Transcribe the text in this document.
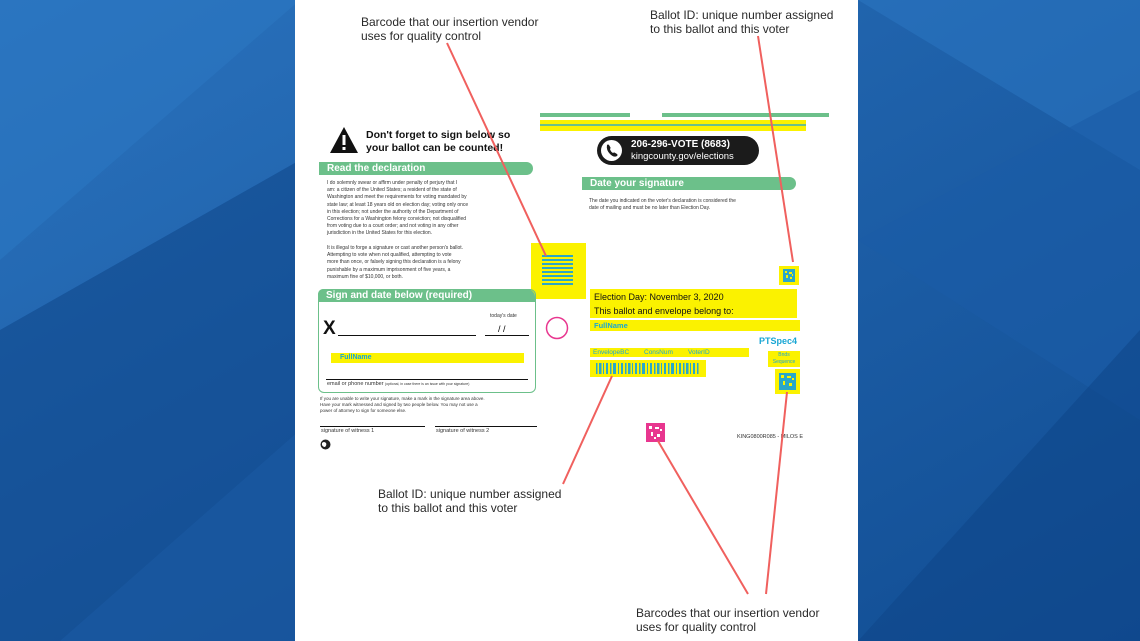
Barcode that our insertion vendor
uses for quality control
Ballot ID: unique number assigned
to this ballot and this voter
Ballot ID: unique number assigned
to this ballot and this voter
Barcodes that our insertion vendor
uses for quality control
Don't forget to sign below so
your ballot can be counted!
Read the declaration
I do solemnly swear or affirm under penalty of perjury that I
am: a citizen of the United States; a resident of the state of
Washington and meet the requirements for voting mandated by
state law; at least 18 years old on election day; voting only once
in this election; not under the authority of the Department of
Corrections for a Washington felony conviction; not disqualified
from voting due to a court order; and not voting in any other
jurisdiction in the United States for this election.
It is illegal to forge a signature or cast another person's ballot.
Attempting to vote when not qualified, attempting to vote
more than once, or falsely signing this declaration is a felony
punishable by a maximum imprisonment of five years, a
maximum fine of $10,000, or both.
Sign and date below (required)
X
today's date
/ /
FullName
email or phone number (optional, in case there is an issue with your signature)
If you are unable to write your signature, make a mark in the signature area above.
Have your mark witnessed and signed by two people below. You may not use a
power of attorney to sign for someone else.
signature of witness 1	signature of witness 2
206-296-VOTE (8683)
kingcounty.gov/elections
Date your signature
The date you indicated on the voter's declaration is considered the
date of mailing and must be no later than Election Day.
Election Day: November 3, 2020
This ballot and envelope belong to:
FullName
PTSpec4
EnvelopeBC ConsNum VoterID	Bnds
Sequence
KING0800R085 - MILOS E
